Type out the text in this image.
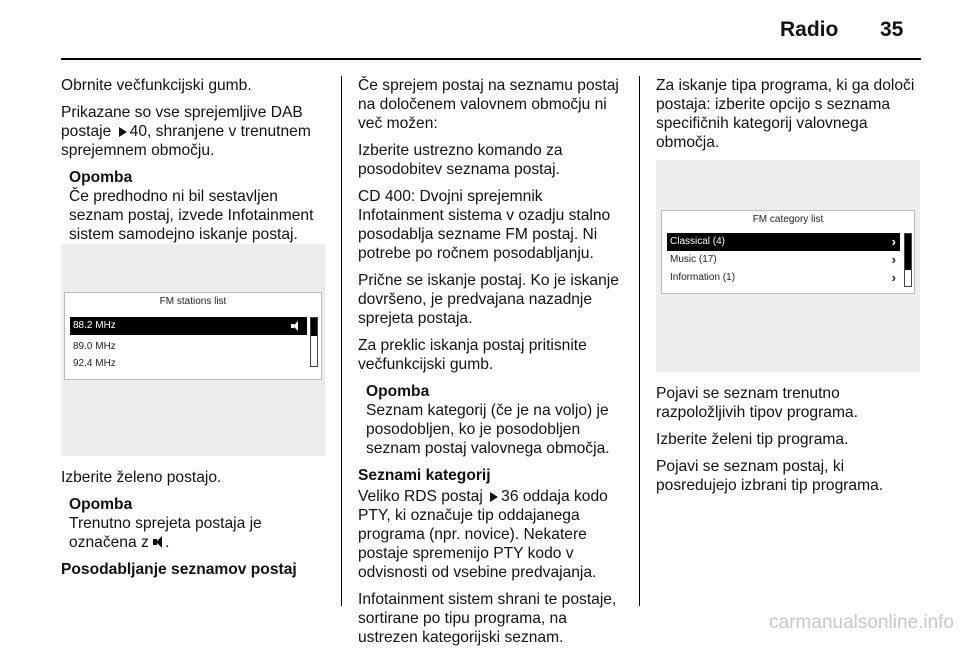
Radio 35

Obrnite večfunkcijski gumb.

Prikazane so vse sprejemljive DAB postaje 40, shranjene v trenutnem sprejemnem območju.

Opomba
Če predhodno ni bil sestavljen seznam postaj, izvede Infotainment sistem samodejno iskanje postaj.
FM stations list
88.2 MHz
89.0 MHz
92.4 MHz

Izberite želeno postajo.

Opomba
Trenutno sprejeta postaja je označena z .
Posodabljanje seznamov postaj

Če sprejem postaj na seznamu postaj na določenem valovnem območju ni več možen:

Izberite ustrezno komando za posodobitev seznama postaj.

CD 400: Dvojni sprejemnik Infotainment sistema v ozadju stalno posodablja sezname FM postaj. Ni potrebe po ročnem posodabljanju.

Prične se iskanje postaj. Ko je iskanje dovršeno, je predvajana nazadnje sprejeta postaja.

Za preklic iskanja postaj pritisnite večfunkcijski gumb.

Opomba
Seznam kategorij (če je na voljo) je posodobljen, ko je posodobljen seznam postaj valovnega območja.
Seznami kategorij

Veliko RDS postaj 36 oddaja kodo PTY, ki označuje tip oddajanega programa (npr. novice). Nekatere postaje spremenijo PTY kodo v odvisnosti od vsebine predvajanja.

Infotainment sistem shrani te postaje, sortirane po tipu programa, na ustrezen kategorijski seznam.

Za iskanje tipa programa, ki ga določi postaja: izberite opcijo s seznama specifičnih kategorij valovnega območja.

FM category list
Classical (4)	›
Music (17)	›
Information (1)	›

Pojavi se seznam trenutno razpoložljivih tipov programa.

Izberite želeni tip programa.

Pojavi se seznam postaj, ki posredujejo izbrani tip programa.

carmanualsonline.info
